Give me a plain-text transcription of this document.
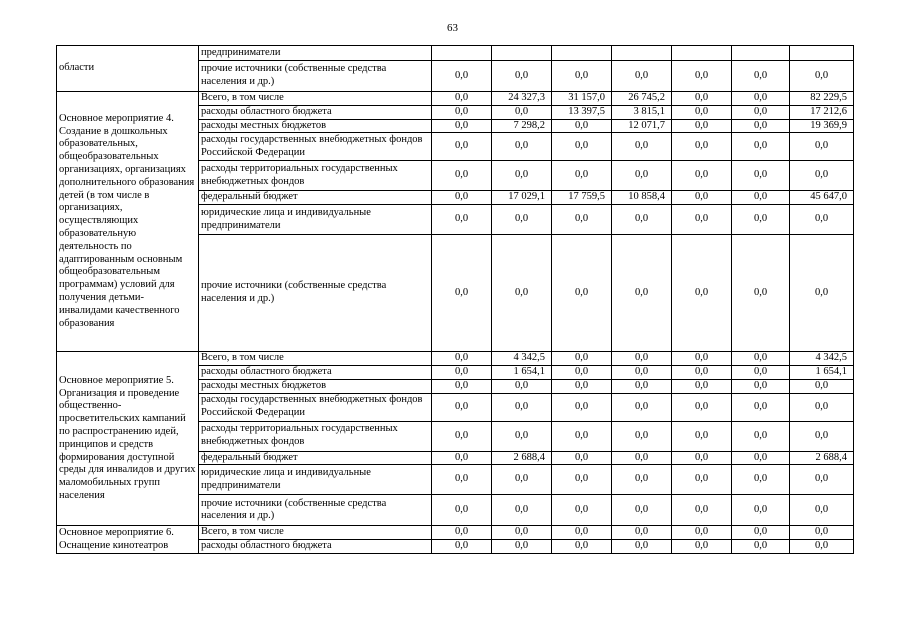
63
области	предприниматели							
	прочие источники (собственные средства населения и др.)	0,0	0,0	0,0	0,0	0,0	0,0	0,0
Основное мероприятие 4. Создание в дошкольных образовательных, общеобразовательных организациях, организациях дополнительного образования детей (в том числе в организациях, осуществляющих образовательную деятельность по адаптированным основным общеобразовательным программам) условий для получения детьми-инвалидами качественного образования	Всего, в том числе	0,0	24 327,3	31 157,0	26 745,2	0,0	0,0	82 229,5
	расходы областного бюджета	0,0	0,0	13 397,5	3 815,1	0,0	0,0	17 212,6
	расходы местных бюджетов	0,0	7 298,2	0,0	12 071,7	0,0	0,0	19 369,9
	расходы государственных внебюджетных фондов Российской Федерации	0,0	0,0	0,0	0,0	0,0	0,0	0,0
	расходы территориальных государственных внебюджетных фондов	0,0	0,0	0,0	0,0	0,0	0,0	0,0
	федеральный бюджет	0,0	17 029,1	17 759,5	10 858,4	0,0	0,0	45 647,0
	юридические лица и индивидуальные предприниматели	0,0	0,0	0,0	0,0	0,0	0,0	0,0
	прочие источники (собственные средства населения и др.)	0,0	0,0	0,0	0,0	0,0	0,0	0,0
Основное мероприятие 5. Организация и проведение общественно-просветительских кампаний по распространению идей, принципов и средств формирования доступной среды для инвалидов и других маломобильных групп населения	Всего, в том числе	0,0	4 342,5	0,0	0,0	0,0	0,0	4 342,5
	расходы областного бюджета	0,0	1 654,1	0,0	0,0	0,0	0,0	1 654,1
	расходы местных бюджетов	0,0	0,0	0,0	0,0	0,0	0,0	0,0
	расходы государственных внебюджетных фондов Российской Федерации	0,0	0,0	0,0	0,0	0,0	0,0	0,0
	расходы территориальных государственных внебюджетных фондов	0,0	0,0	0,0	0,0	0,0	0,0	0,0
	федеральный бюджет	0,0	2 688,4	0,0	0,0	0,0	0,0	2 688,4
	юридические лица и индивидуальные предприниматели	0,0	0,0	0,0	0,0	0,0	0,0	0,0
	прочие источники (собственные средства населения и др.)	0,0	0,0	0,0	0,0	0,0	0,0	0,0
Основное мероприятие 6. Оснащение кинотеатров	Всего, в том числе	0,0	0,0	0,0	0,0	0,0	0,0	0,0
	расходы областного бюджета	0,0	0,0	0,0	0,0	0,0	0,0	0,0
